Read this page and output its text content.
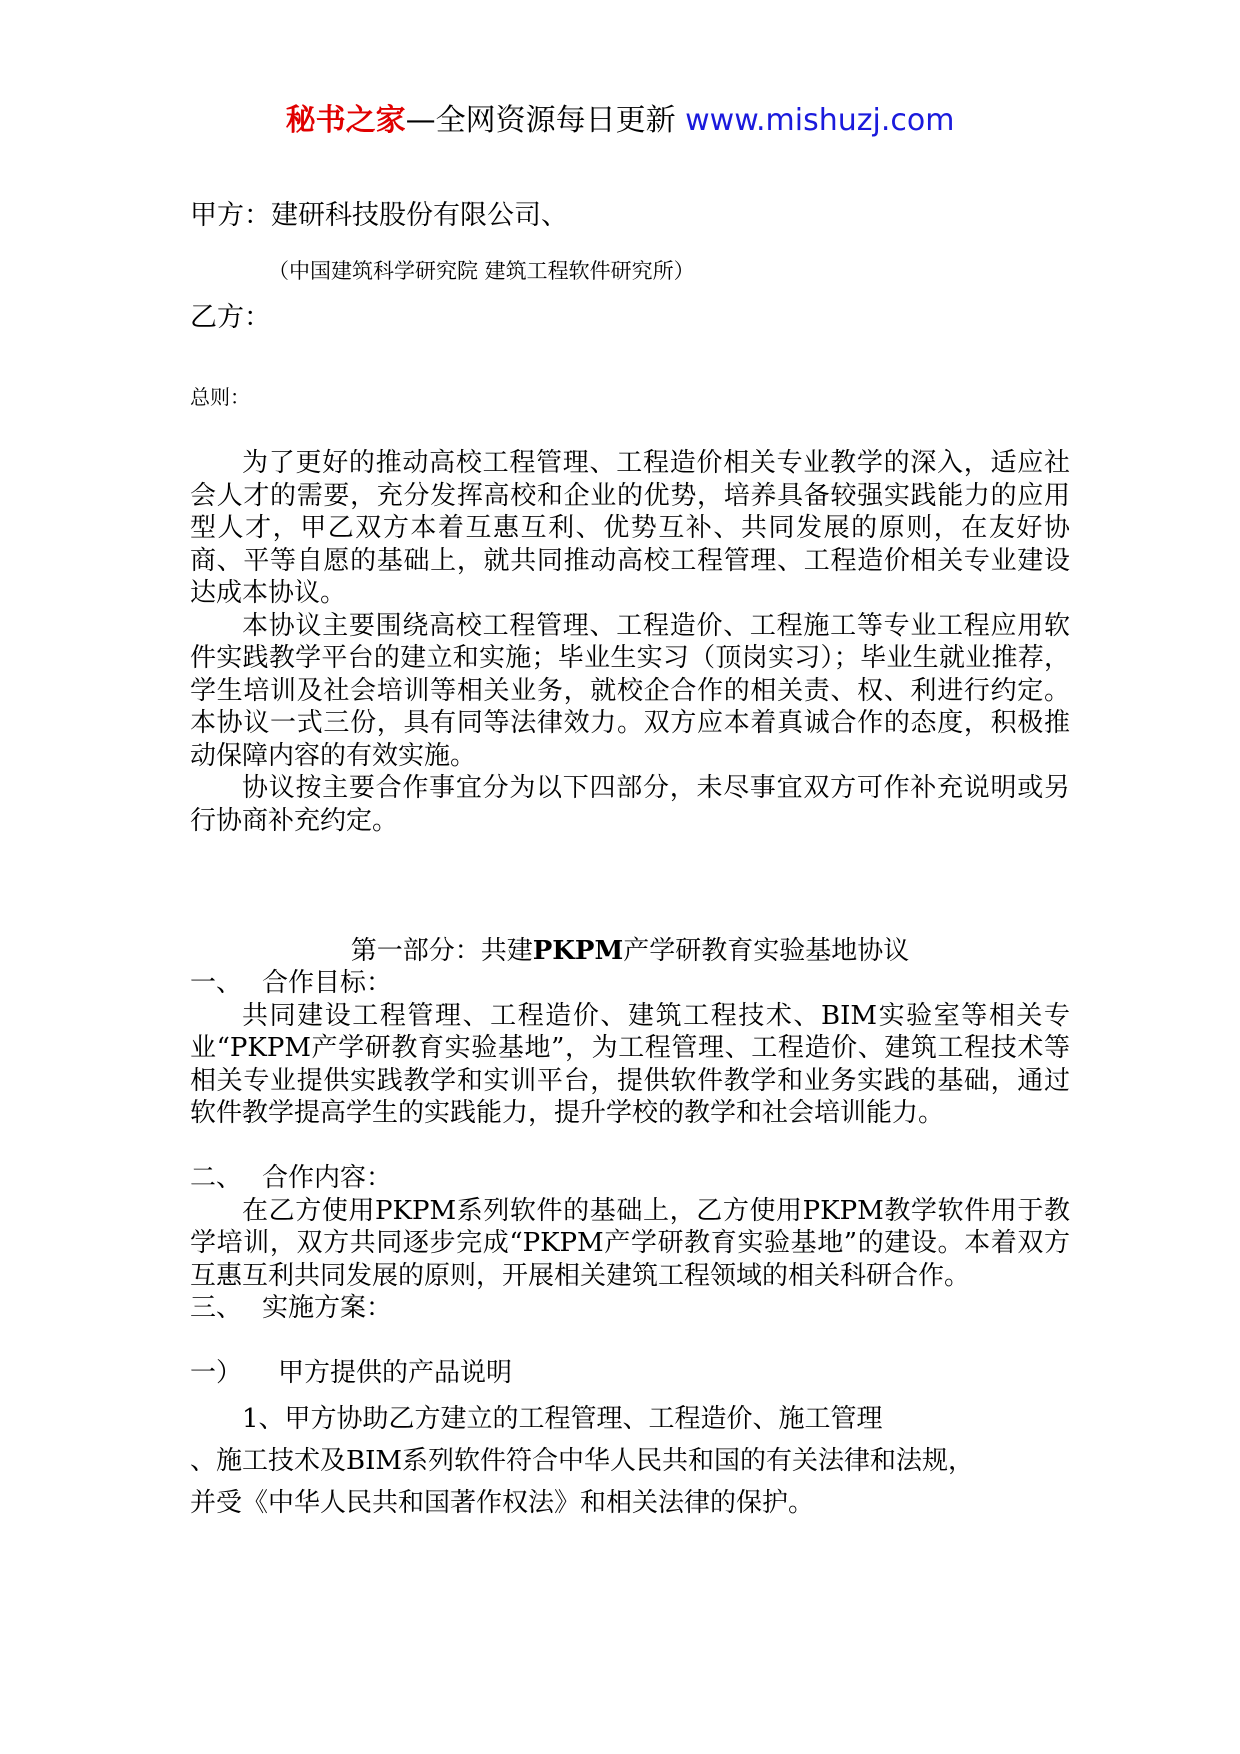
秘书之家—全网资源每日更新 www.mishuzj.com
甲方：建研科技股份有限公司、
（中国建筑科学研究院 建筑工程软件研究所）
乙方：
总则：

为了更好的推动高校工程管理、工程造价相关专业教学的深入，适应社会人才的需要，充分发挥高校和企业的优势，培养具备较强实践能力的应用型人才，甲乙双方本着互惠互利、优势互补、共同发展的原则，在友好协商、平等自愿的基础上，就共同推动高校工程管理、工程造价相关专业建设达成本协议。

本协议主要围绕高校工程管理、工程造价、工程施工等专业工程应用软件实践教学平台的建立和实施；毕业生实习（顶岗实习）；毕业生就业推荐，学生培训及社会培训等相关业务，就校企合作的相关责、权、利进行约定。本协议一式三份，具有同等法律效力。双方应本着真诚合作的态度，积极推动保障内容的有效实施。

协议按主要合作事宜分为以下四部分，未尽事宜双方可作补充说明或另行协商补充约定。

第一部分：共建PKPM产学研教育实验基地协议
一、 合作目标：

共同建设工程管理、工程造价、建筑工程技术、BIM实验室等相关专业“PKPM产学研教育实验基地”，为工程管理、工程造价、建筑工程技术等相关专业提供实践教学和实训平台，提供软件教学和业务实践的基础，通过软件教学提高学生的实践能力，提升学校的教学和社会培训能力。

二、 合作内容：

在乙方使用PKPM系列软件的基础上，乙方使用PKPM教学软件用于教学培训，双方共同逐步完成“PKPM产学研教育实验基地”的建设。本着双方互惠互利共同发展的原则，开展相关建筑工程领域的相关科研合作。

三、 实施方案：
一） 甲方提供的产品说明
1、甲方协助乙方建立的工程管理、工程造价、施工管理
、施工技术及BIM系列软件符合中华人民共和国的有关法律和法规，
并受《中华人民共和国著作权法》和相关法律的保护。
